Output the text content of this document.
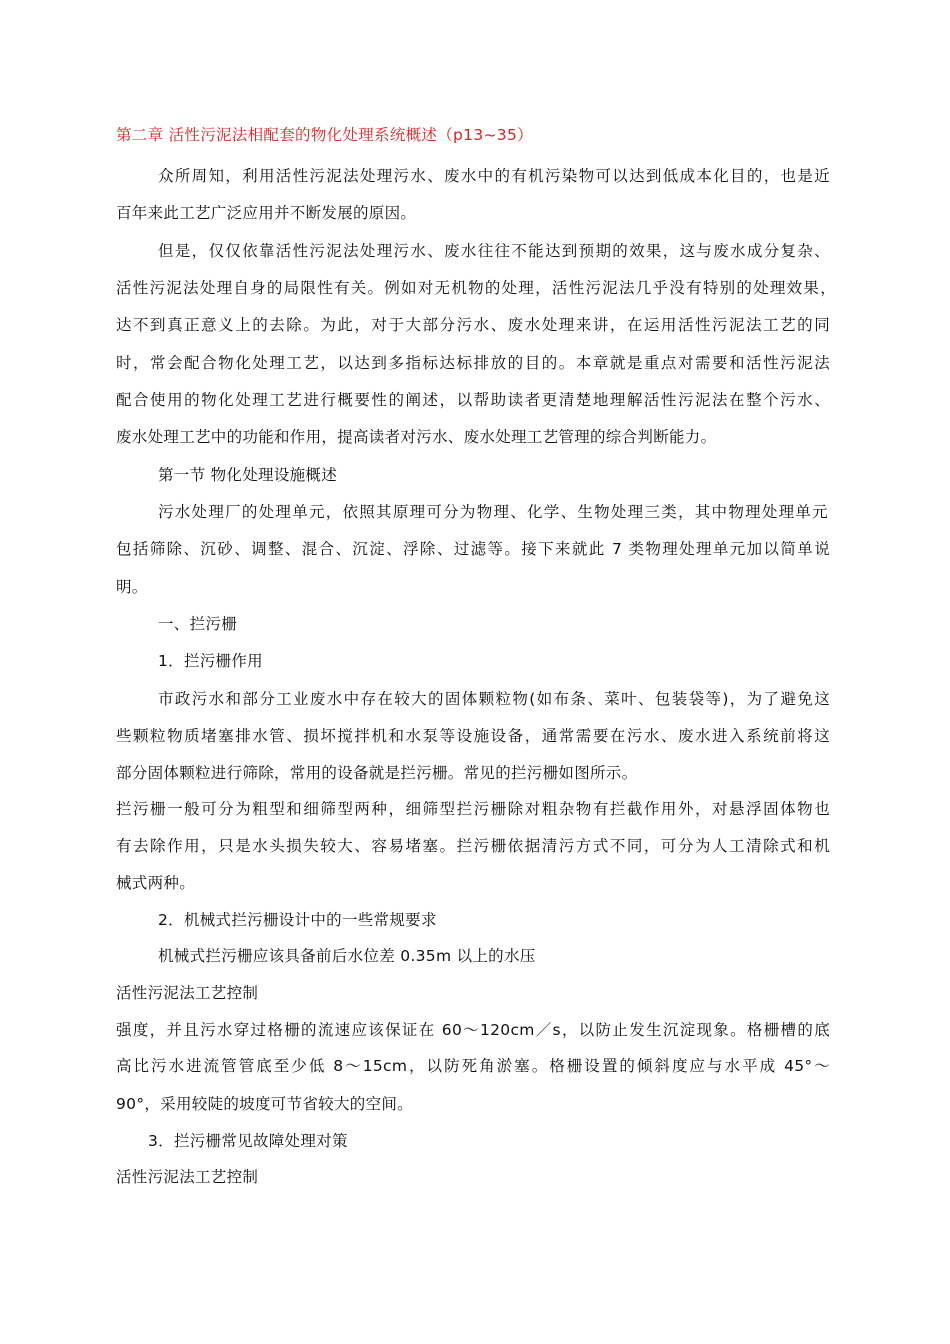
第二章 活性污泥法相配套的物化处理系统概述（p13~35）
众所周知，利用活性污泥法处理污水、废水中的有机污染物可以达到低成本化目的，也是近
百年来此工艺广泛应用并不断发展的原因。
但是，仅仅依靠活性污泥法处理污水、废水往往不能达到预期的效果，这与废水成分复杂、
活性污泥法处理自身的局限性有关。例如对无机物的处理，活性污泥法几乎没有特别的处理效果，
达不到真正意义上的去除。为此，对于大部分污水、废水处理来讲，在运用活性污泥法工艺的同
时，常会配合物化处理工艺，以达到多指标达标排放的目的。本章就是重点对需要和活性污泥法
配合使用的物化处理工艺进行概要性的阐述，以帮助读者更清楚地理解活性污泥法在整个污水、
废水处理工艺中的功能和作用，提高读者对污水、废水处理工艺管理的综合判断能力。
第一节 物化处理设施概述
污水处理厂的处理单元，依照其原理可分为物理、化学、生物处理三类，其中物理处理单元
包括筛除、沉砂、调整、混合、沉淀、浮除、过滤等。接下来就此 7 类物理处理单元加以简单说
明。
一、拦污栅
1．拦污栅作用
市政污水和部分工业废水中存在较大的固体颗粒物(如布条、菜叶、包装袋等)，为了避免这
些颗粒物质堵塞排水管、损坏搅拌机和水泵等设施设备，通常需要在污水、废水进入系统前将这
部分固体颗粒进行筛除，常用的设备就是拦污栅。常见的拦污栅如图所示。
拦污栅一般可分为粗型和细筛型两种，细筛型拦污栅除对粗杂物有拦截作用外，对悬浮固体物也
有去除作用，只是水头损失较大、容易堵塞。拦污栅依据清污方式不同，可分为人工清除式和机
械式两种。
2．机械式拦污栅设计中的一些常规要求
机械式拦污栅应该具备前后水位差 0.35m 以上的水压
活性污泥法工艺控制
强度，并且污水穿过格栅的流速应该保证在 60～120cm／s，以防止发生沉淀现象。格栅槽的底
高比污水进流管管底至少低 8～15cm，以防死角淤塞。格栅设置的倾斜度应与水平成 45°～
90°，采用较陡的坡度可节省较大的空间。
3．拦污栅常见故障处理对策
活性污泥法工艺控制
